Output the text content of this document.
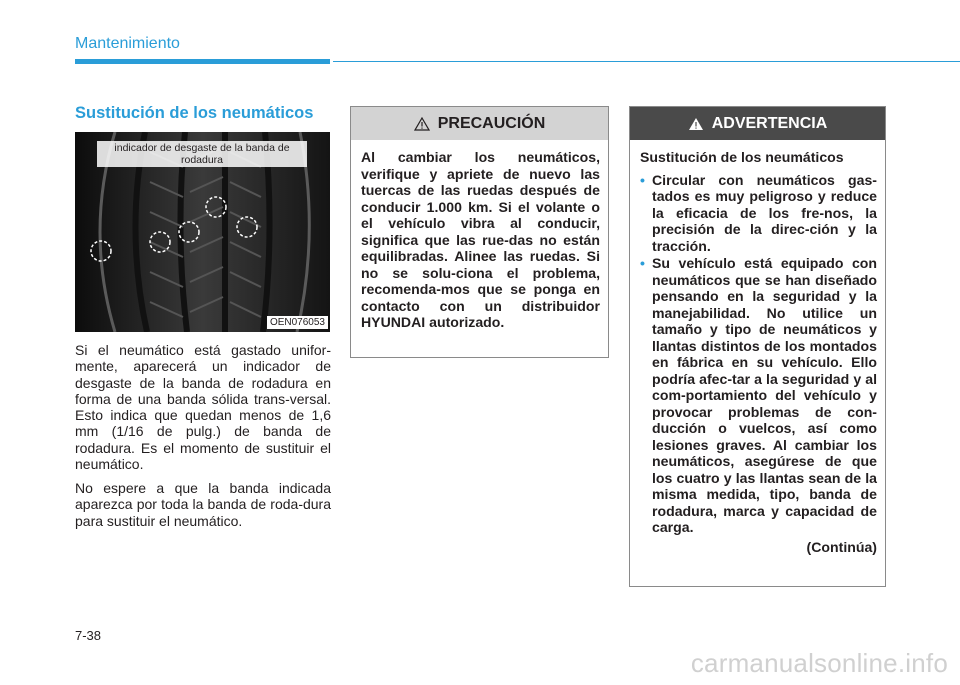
Mantenimiento
Sustitución de los neumáticos
indicador de desgaste de la banda de rodadura
OEN076053

Si el neumático está gastado unifor-mente, aparecerá un indicador de desgaste de la banda de rodadura en forma de una banda sólida trans-versal. Esto indica que quedan menos de 1,6 mm (1/16 de pulg.) de banda de rodadura. Es el momento de sustituir el neumático.

No espere a que la banda indicada aparezca por toda la banda de roda-dura para sustituir el neumático.

PRECAUCIÓN
Al cambiar los neumáticos, verifique y apriete de nuevo las tuercas de las ruedas después de conducir 1.000 km. Si el volante o el vehículo vibra al conducir, significa que las rue-das no están equilibradas. Alinee las ruedas. Si no se solu-ciona el problema, recomenda-mos que se ponga en contacto con un distribuidor HYUNDAI autorizado.
ADVERTENCIA
Sustitución de los neumáticos
• Circular con neumáticos gas-tados es muy peligroso y reduce la eficacia de los fre-nos, la precisión de la direc-ción y la tracción.
• Su vehículo está equipado con neumáticos que se han diseñado pensando en la seguridad y la manejabilidad. No utilice un tamaño y tipo de neumáticos y llantas distintos de los montados en fábrica en su vehículo. Ello podría afec-tar a la seguridad y al com-portamiento del vehículo y provocar problemas de con-ducción o vuelcos, así como lesiones graves. Al cambiar los neumáticos, asegúrese de que los cuatro y las llantas sean de la misma medida, tipo, banda de rodadura, marca y capacidad de carga.
(Continúa)
7-38
carmanualsonline.info
